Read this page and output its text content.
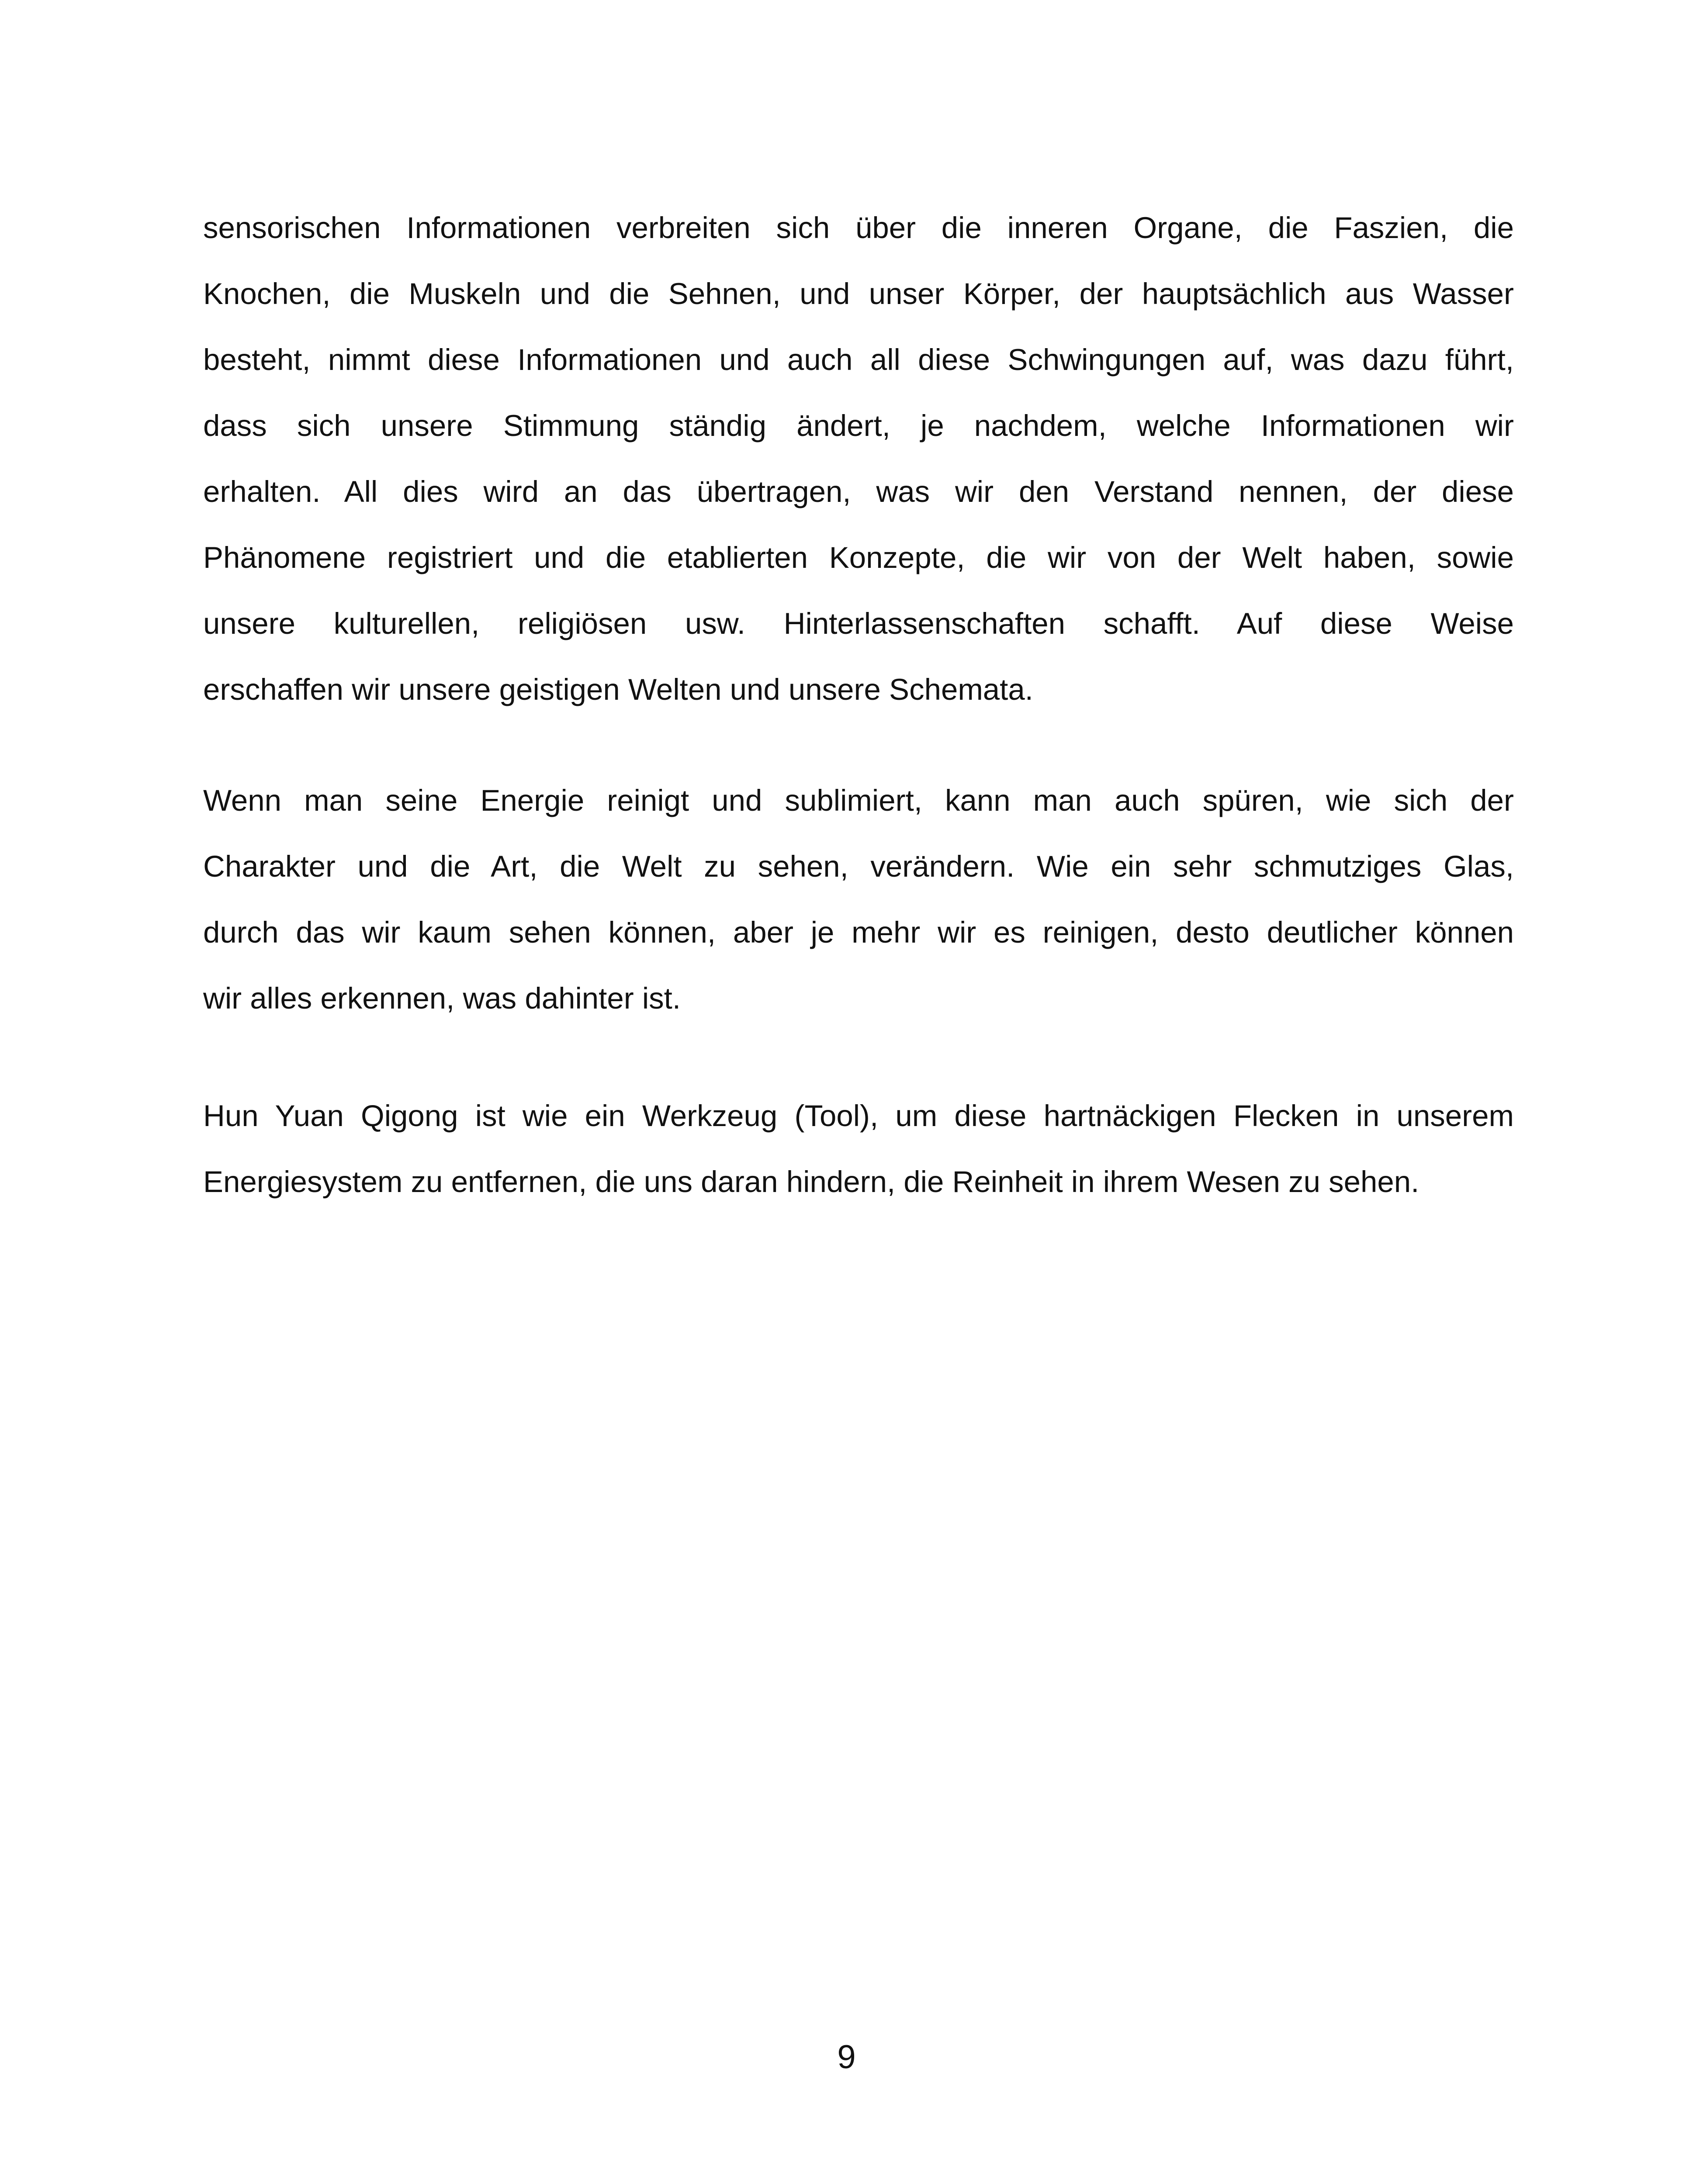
sensorischen Informationen verbreiten sich über die inneren Organe, die Faszien, die
Knochen, die Muskeln und die Sehnen, und unser Körper, der hauptsächlich aus Wasser
besteht, nimmt diese Informationen und auch all diese Schwingungen auf, was dazu führt,
dass sich unsere Stimmung ständig ändert, je nachdem, welche Informationen wir
erhalten. All dies wird an das übertragen, was wir den Verstand nennen, der diese
Phänomene registriert und die etablierten Konzepte, die wir von der Welt haben, sowie
unsere kulturellen, religiösen usw. Hinterlassenschaften schafft. Auf diese Weise
erschaffen wir unsere geistigen Welten und unsere Schemata.
Wenn man seine Energie reinigt und sublimiert, kann man auch spüren, wie sich der
Charakter und die Art, die Welt zu sehen, verändern. Wie ein sehr schmutziges Glas,
durch das wir kaum sehen können, aber je mehr wir es reinigen, desto deutlicher können
wir alles erkennen, was dahinter ist.
Hun Yuan Qigong ist wie ein Werkzeug (Tool), um diese hartnäckigen Flecken in unserem
Energiesystem zu entfernen, die uns daran hindern, die Reinheit in ihrem Wesen zu sehen.
9
